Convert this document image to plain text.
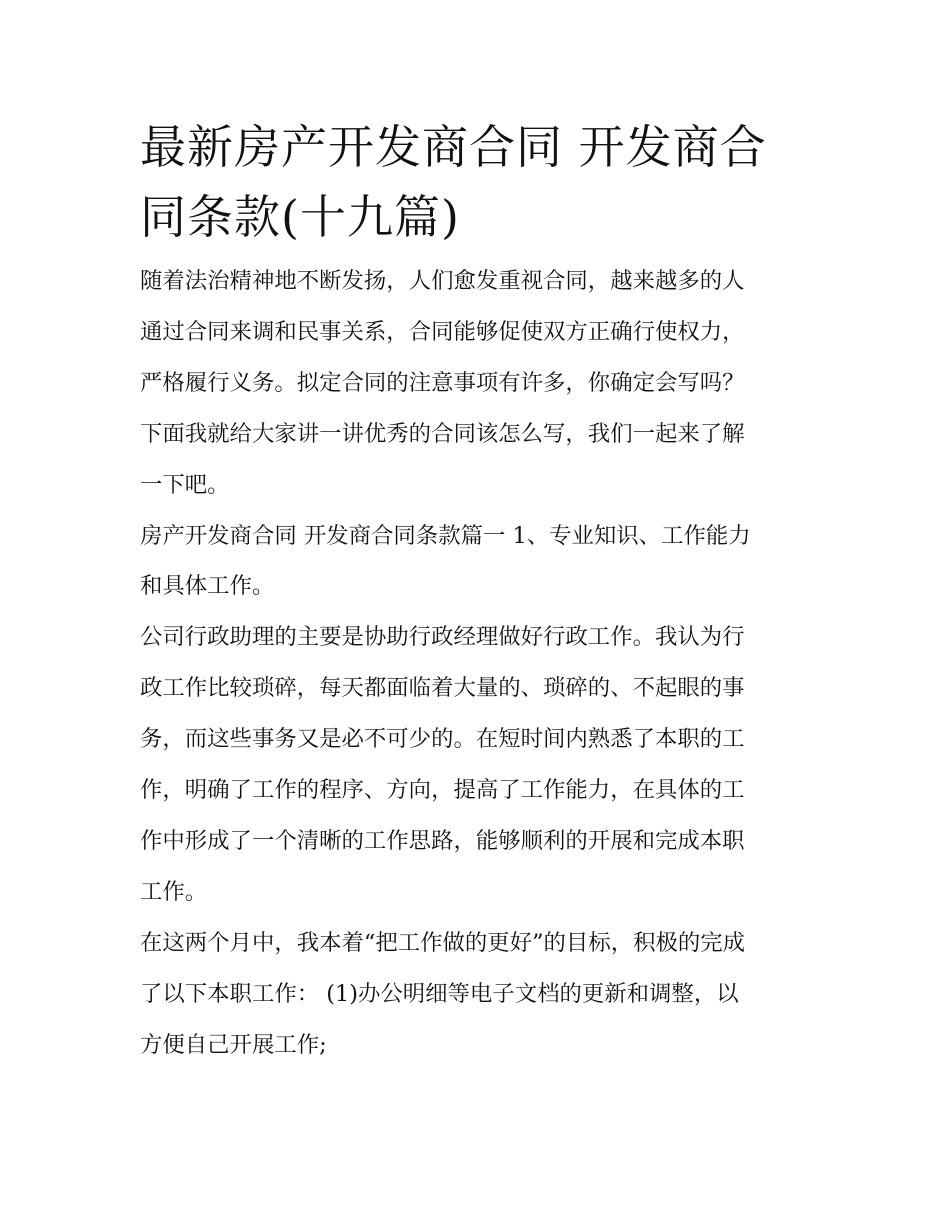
最新房产开发商合同 开发商合
同条款(十九篇)

随着法治精神地不断发扬，人们愈发重视合同，越来越多的人
通过合同来调和民事关系，合同能够促使双方正确行使权力，
严格履行义务。拟定合同的注意事项有许多，你确定会写吗？
下面我就给大家讲一讲优秀的合同该怎么写，我们一起来了解
一下吧。

房产开发商合同 开发商合同条款篇一 1、专业知识、工作能力
和具体工作。

公司行政助理的主要是协助行政经理做好行政工作。我认为行
政工作比较琐碎，每天都面临着大量的、琐碎的、不起眼的事
务，而这些事务又是必不可少的。在短时间内熟悉了本职的工
作，明确了工作的程序、方向，提高了工作能力，在具体的工
作中形成了一个清晰的工作思路，能够顺利的开展和完成本职
工作。

在这两个月中，我本着“把工作做的更好”的目标，积极的完成
了以下本职工作： (1)办公明细等电子文档的更新和调整，以
方便自己开展工作;
